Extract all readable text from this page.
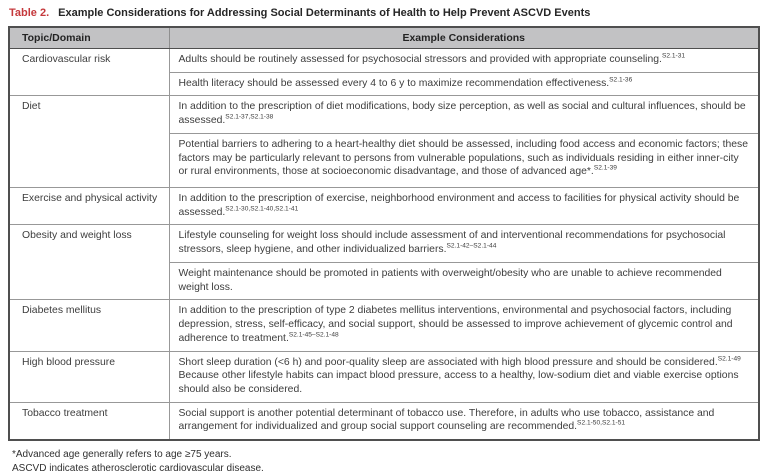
Table 2. Example Considerations for Addressing Social Determinants of Health to Help Prevent ASCVD Events
Topic/Domain	Example Considerations
Cardiovascular risk	Adults should be routinely assessed for psychosocial stressors and provided with appropriate counseling.$^{S2.1-31}$
	Health literacy should be assessed every 4 to 6 y to maximize recommendation effectiveness.$^{S2.1-36}$
Diet	In addition to the prescription of diet modifications, body size perception, as well as social and cultural influences, should be assessed.$^{S2.1-37,S2.1-38}$
	Potential barriers to adhering to a heart-healthy diet should be assessed, including food access and economic factors; these factors may be particularly relevant to persons from vulnerable populations, such as individuals residing in either inner-city or rural environments, those at socioeconomic disadvantage, and those of advanced age*.$^{S2.1-39}$
Exercise and physical activity	In addition to the prescription of exercise, neighborhood environment and access to facilities for physical activity should be assessed.$^{S2.1-30,S2.1-40,S2.1-41}$
Obesity and weight loss	Lifestyle counseling for weight loss should include assessment of and interventional recommendations for psychosocial stressors, sleep hygiene, and other individualized barriers.$^{S2.1-42-S2.1-44}$
	Weight maintenance should be promoted in patients with overweight/obesity who are unable to achieve recommended weight loss.
Diabetes mellitus	In addition to the prescription of type 2 diabetes mellitus interventions, environmental and psychosocial factors, including depression, stress, self-efficacy, and social support, should be assessed to improve achievement of glycemic control and adherence to treatment.$^{S2.1-45-S2.1-48}$
High blood pressure	Short sleep duration (<6 h) and poor-quality sleep are associated with high blood pressure and should be considered.$^{S2.1-49}$ Because other lifestyle habits can impact blood pressure, access to a healthy, low-sodium diet and viable exercise options should also be considered.
Tobacco treatment	Social support is another potential determinant of tobacco use. Therefore, in adults who use tobacco, assistance and arrangement for individualized and group social support counseling are recommended.$^{S2.1-50,S2.1-51}$
*Advanced age generally refers to age ≥75 years.
ASCVD indicates atherosclerotic cardiovascular disease.
